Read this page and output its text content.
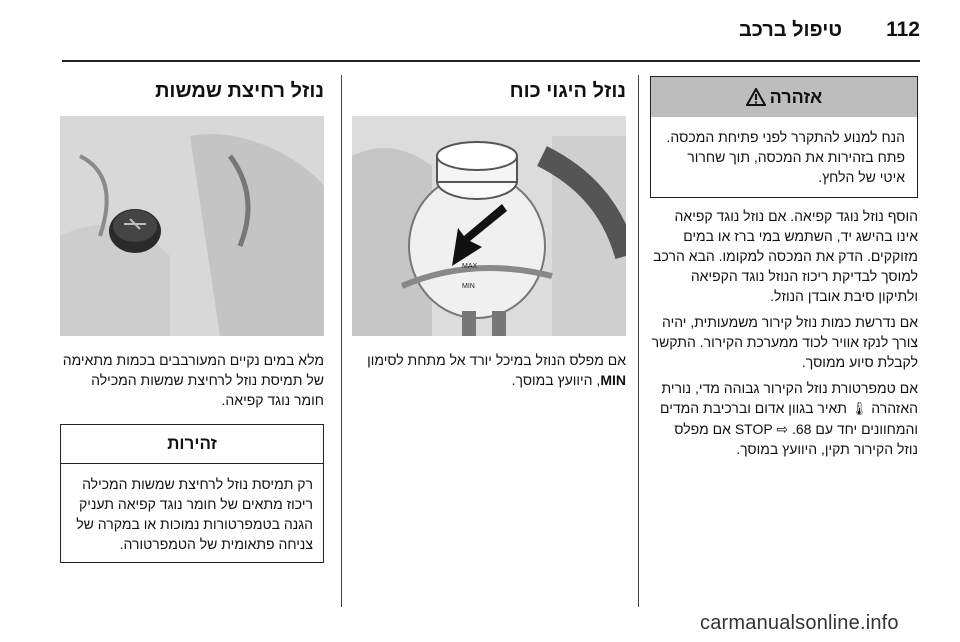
112
טיפול ברכב
אזהרה
הנח למנוע להתקרר לפני פתיחת המכסה. פתח בזהירות את המכסה, תוך שחרור איטי של הלחץ.

הוסף נוזל נוגד קפיאה. אם נוזל נוגד קפיאה אינו בהישג יד, השתמש במי ברז או במים מזוקקים. הדק את המכסה למקומו. הבא הרכב למוסך לבדיקת ריכוז הנוזל נוגד הקפיאה ולתיקון סיבת אובדן הנוזל.

אם נדרשת כמות נוזל קירור משמעותית, יהיה צורך לנקז אוויר לכוד ממערכת הקירור. התקשר לקבלת סיוע ממוסך.

אם טמפרטורת נוזל הקירור גבוהה מדי, נורית האזהרה 🌡 תאיר בגוון אדום וברכיבת המדים והמחוונים יחד עם STOP ⇨ .68 אם מפלס נוזל הקירור תקין, היוועץ במוסך.

נוזל היגוי כוח
MAX
MIN

אם מפלס הנוזל במיכל יורד אל מתחת לסימון MIN, היוועץ במוסך.

נוזל רחיצת שמשות

מלא במים נקיים המעורבבים בכמות מתאימה של תמיסת נוזל לרחיצת שמשות המכילה חומר נוגד קפיאה.

זהירות
רק תמיסת נוזל לרחיצת שמשות המכילה ריכוז מתאים של חומר נוגד קפיאה תעניק הגנה בטמפרטורות נמוכות או במקרה של צניחה פתאומית של הטמפרטורה.
carmanualsonline.info
